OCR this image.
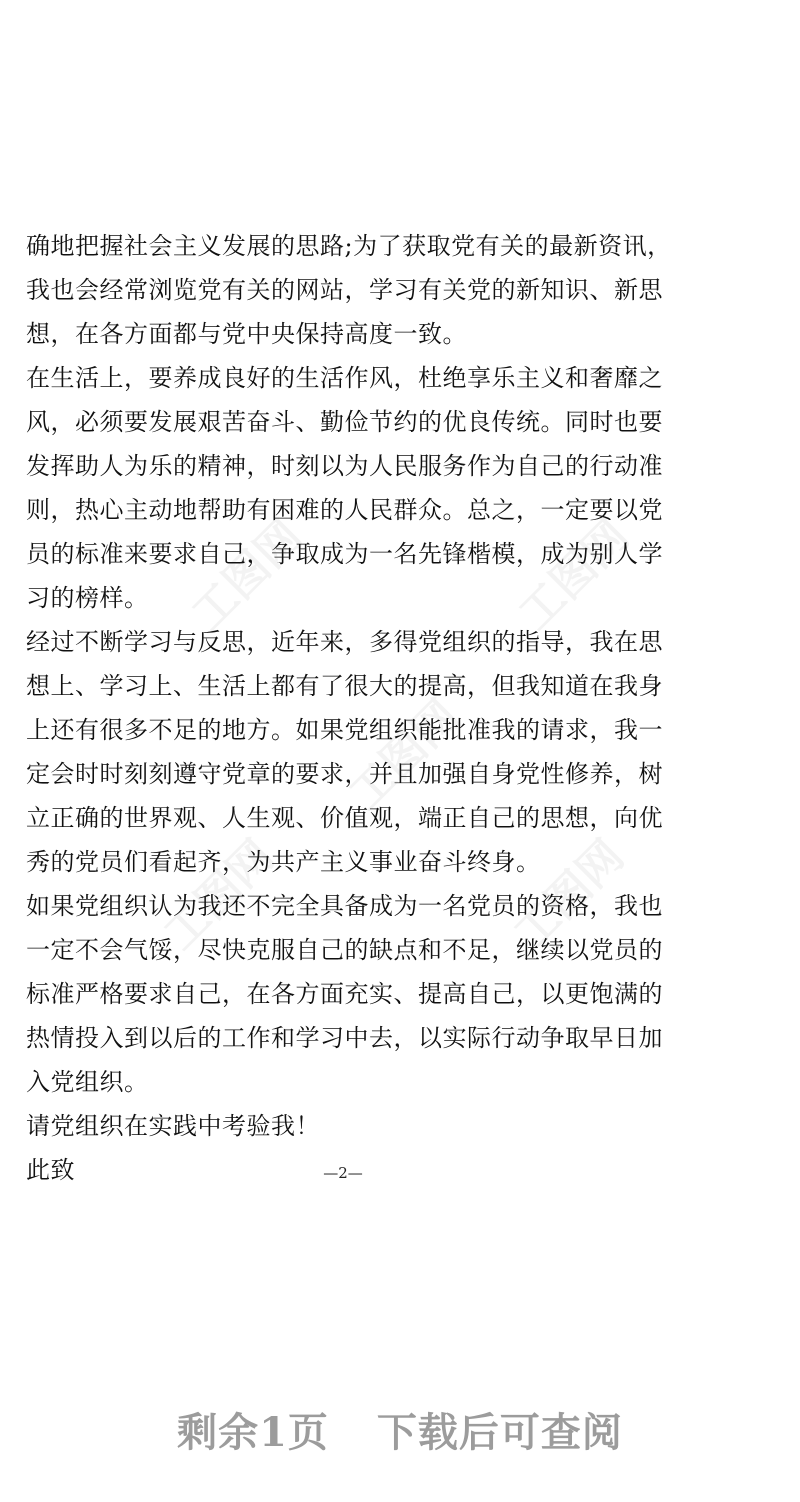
工图网	工图网
工图网
工图网
工图网
确地把握社会主义发展的思路;为了获取党有关的最新资讯，
我也会经常浏览党有关的网站，学习有关党的新知识、新思
想，在各方面都与党中央保持高度一致。
在生活上，要养成良好的生活作风，杜绝享乐主义和奢靡之
风，必须要发展艰苦奋斗、勤俭节约的优良传统。同时也要
发挥助人为乐的精神，时刻以为人民服务作为自己的行动准
则，热心主动地帮助有困难的人民群众。总之，一定要以党
员的标准来要求自己，争取成为一名先锋楷模，成为别人学
习的榜样。
经过不断学习与反思，近年来，多得党组织的指导，我在思
想上、学习上、生活上都有了很大的提高，但我知道在我身
上还有很多不足的地方。如果党组织能批准我的请求，我一
定会时时刻刻遵守党章的要求，并且加强自身党性修养，树
立正确的世界观、人生观、价值观，端正自己的思想，向优
秀的党员们看起齐，为共产主义事业奋斗终身。
如果党组织认为我还不完全具备成为一名党员的资格，我也
一定不会气馁，尽快克服自己的缺点和不足，继续以党员的
标准严格要求自己，在各方面充实、提高自己，以更饱满的
热情投入到以后的工作和学习中去，以实际行动争取早日加
入党组织。
请党组织在实践中考验我！
此致	—2—
剩余1页 下载后可查阅
